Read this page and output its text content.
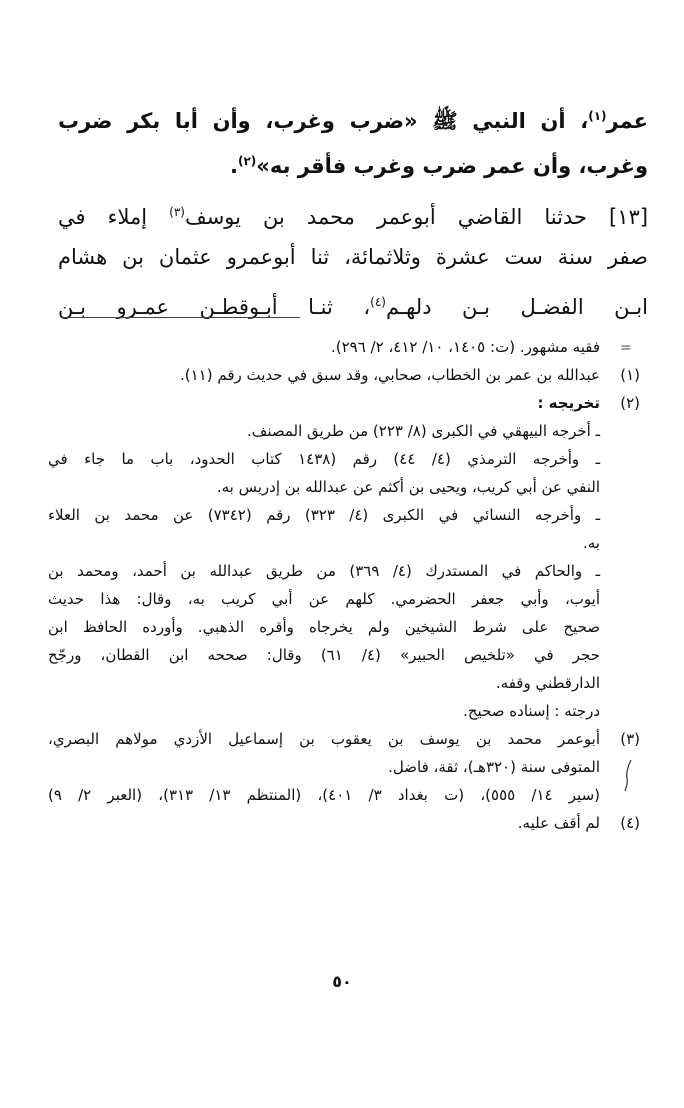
عمر$^{(١)}$، أن النبي ﷺ «ضرب وغرب، وأن أبا بكر ضرب
وغرب، وأن عمر ضرب وغرب فأقر به»$^{(٢)}$.
[١٣] حدثنا القاضي أبوعمر محمد بن يوسف$^{(٣)}$ إملاء في
صفر سنة ست عشرة وثلاثمائة، ثنا أبوعمرو عثمان بن هشام
ابـن الفضـل بـن دلهـم$^{(٤)}$، ثنـا أبـوقطـن عمـرو بـن
=
فقيه مشهور. (ت: ١٤٠٥، ١٠/ ٤١٢، ٢/ ٢٩٦).
(١)
عبدالله بن عمر بن الخطاب، صحابي، وقد سبق في حديث رقم (١١).
(٢)
تخريجه :
ـ أخرجه البيهقي في الكبرى (٨/ ٢٢٣) من طريق المصنف.
ـ وأخرجه الترمذي (٤/ ٤٤) رقم (١٤٣٨ كتاب الحدود، باب ما جاء في
النفي عن أبي كريب، ويحيى بن أكثم عن عبدالله بن إدريس به.
ـ وأخرجه النسائي في الكبرى (٤/ ٣٢٣) رقم (٧٣٤٢) عن محمد بن العلاء
به.
ـ والحاكم في المستدرك (٤/ ٣٦٩) من طريق عبدالله بن أحمد، ومحمد بن
أيوب، وأبي جعفر الحضرمي. كلهم عن أبي كريب به، وقال: هذا حديث
صحيح على شرط الشيخين ولم يخرجاه وأقره الذهبي. وأورده الحافظ ابن
حجر في «تلخيص الحبير» (٤/ ٦١) وقال: صححه ابن القطان، ورجّح
الدارقطني وقفه.
درجته : إسناده صحيح.
(٣)
أبوعمر محمد بن يوسف بن يعقوب بن إسماعيل الأزدي مولاهم البصري،
المتوفى سنة (٣٢٠هـ)، ثقة، فاضل.
(سير ١٤/ ٥٥٥)، (ت بغداد ٣/ ٤٠١)، (المنتظم ١٣/ ٣١٣)، (العبر ٢/ ٩)
(٤)
لم أقف عليه.
٥٠
